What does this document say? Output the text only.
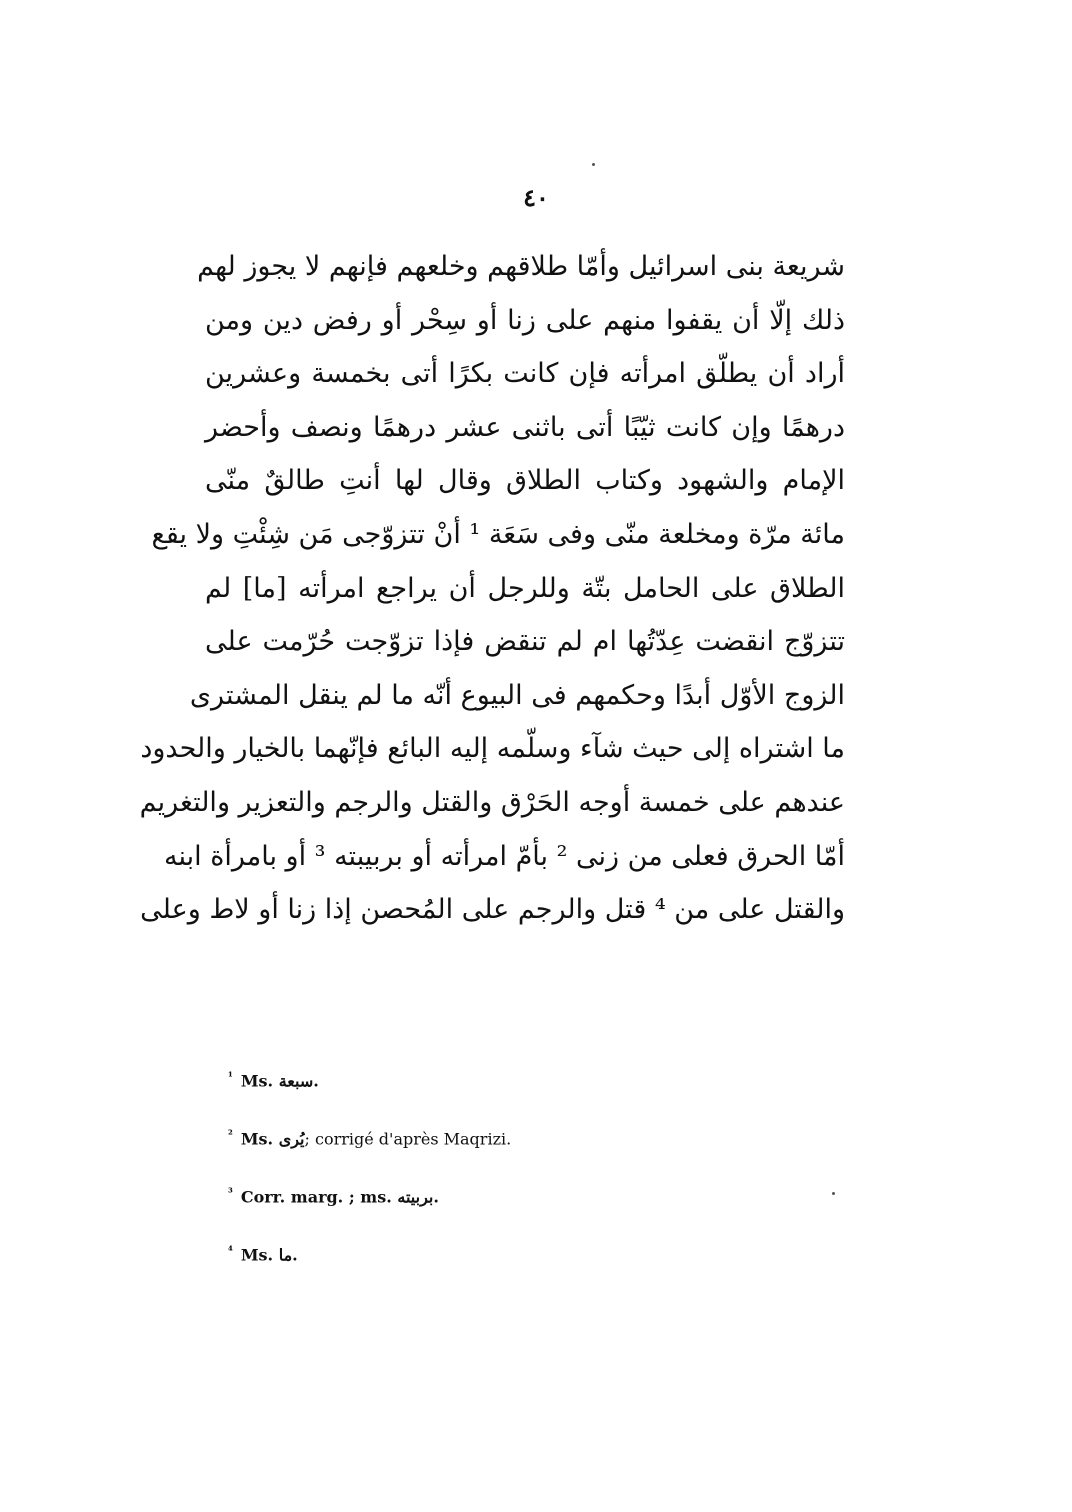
٤٠
شريعة بنى اسرائيل وأمّا طلاقهم وخلعهم فإنهم لا يجوز لهم
ذلك إلّا أن يقفوا منهم على زنا أو سِحْر أو رفض دين ومن
أراد أن يطلّق امرأته فإن كانت بكرًا أتى بخمسة وعشرين
درهمًا وإن كانت ثيّبًا أتى باثنى عشر درهمًا ونصف وأحضر
الإمام والشهود وكتاب الطلاق وقال لها أنتِ طالقٌ منّى
مائة مرّة ومخلعة منّى وفى سَعَة ¹ أنْ تتزوّجى مَن شِئْتِ ولا يقع
الطلاق على الحامل بتّة وللرجل أن يراجع امرأته [ما] لم
تتزوّج انقضت عِدّتُها ام لم تنقض فإذا تزوّجت حُرّمت على
الزوج الأوّل أبدًا وحكمهم فى البيوع أنّه ما لم ينقل المشترى
ما اشتراه إلى حيث شآء وسلّمه إليه البائع فإنّهما بالخيار والحدود
عندهم على خمسة أوجه الحَرْق والقتل والرجم والتعزير والتغريم
أمّا الحرق فعلى من زنى ² بأمّ امرأته أو بربيبته ³ أو بامرأة ابنه
والقتل على من ⁴ قتل والرجم على المُحصن إذا زنا أو لاط وعلى
$^{^1}$ Ms. سبعة.
$^{^2}$ Ms. يُرى; corrigé d'après Maqrizi.
$^{^3}$ Corr. marg. ; ms. بربيته.
$^{^4}$ Ms. ما.
